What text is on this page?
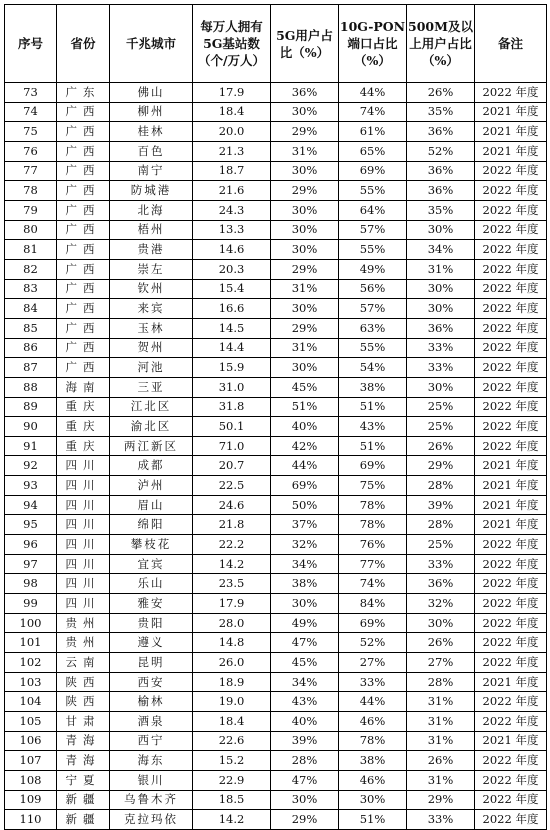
序号	省份	千兆城市	每万人拥有5G基站数（个/万人）	5G用户占比（%）	10G-PON端口占比（%）	500M及以上用户占比（%）	备注
73	广东	佛山	17.9	36%	44%	26%	2022 年度
74	广西	柳州	18.4	30%	74%	35%	2021 年度
75	广西	桂林	20.0	29%	61%	36%	2021 年度
76	广西	百色	21.3	31%	65%	52%	2021 年度
77	广西	南宁	18.7	30%	69%	36%	2022 年度
78	广西	防城港	21.6	29%	55%	36%	2022 年度
79	广西	北海	24.3	30%	64%	35%	2022 年度
80	广西	梧州	13.3	30%	57%	30%	2022 年度
81	广西	贵港	14.6	30%	55%	34%	2022 年度
82	广西	崇左	20.3	29%	49%	31%	2022 年度
83	广西	钦州	15.4	31%	56%	30%	2022 年度
84	广西	来宾	16.6	30%	57%	30%	2022 年度
85	广西	玉林	14.5	29%	63%	36%	2022 年度
86	广西	贺州	14.4	31%	55%	33%	2022 年度
87	广西	河池	15.9	30%	54%	33%	2022 年度
88	海南	三亚	31.0	45%	38%	30%	2022 年度
89	重庆	江北区	31.8	51%	51%	25%	2022 年度
90	重庆	渝北区	50.1	40%	43%	25%	2022 年度
91	重庆	两江新区	71.0	42%	51%	26%	2022 年度
92	四川	成都	20.7	44%	69%	29%	2021 年度
93	四川	泸州	22.5	69%	75%	28%	2021 年度
94	四川	眉山	24.6	50%	78%	39%	2021 年度
95	四川	绵阳	21.8	37%	78%	28%	2021 年度
96	四川	攀枝花	22.2	32%	76%	25%	2022 年度
97	四川	宜宾	14.2	34%	77%	33%	2022 年度
98	四川	乐山	23.5	38%	74%	36%	2022 年度
99	四川	雅安	17.9	30%	84%	32%	2022 年度
100	贵州	贵阳	28.0	49%	69%	30%	2022 年度
101	贵州	遵义	14.8	47%	52%	26%	2022 年度
102	云南	昆明	26.0	45%	27%	27%	2022 年度
103	陕西	西安	18.9	34%	33%	28%	2021 年度
104	陕西	榆林	19.0	43%	44%	31%	2022 年度
105	甘肃	酒泉	18.4	40%	46%	31%	2022 年度
106	青海	西宁	22.6	39%	78%	31%	2021 年度
107	青海	海东	15.2	28%	38%	26%	2022 年度
108	宁夏	银川	22.9	47%	46%	31%	2022 年度
109	新疆	乌鲁木齐	18.5	30%	30%	29%	2022 年度
110	新疆	克拉玛依	14.2	29%	51%	33%	2022 年度
